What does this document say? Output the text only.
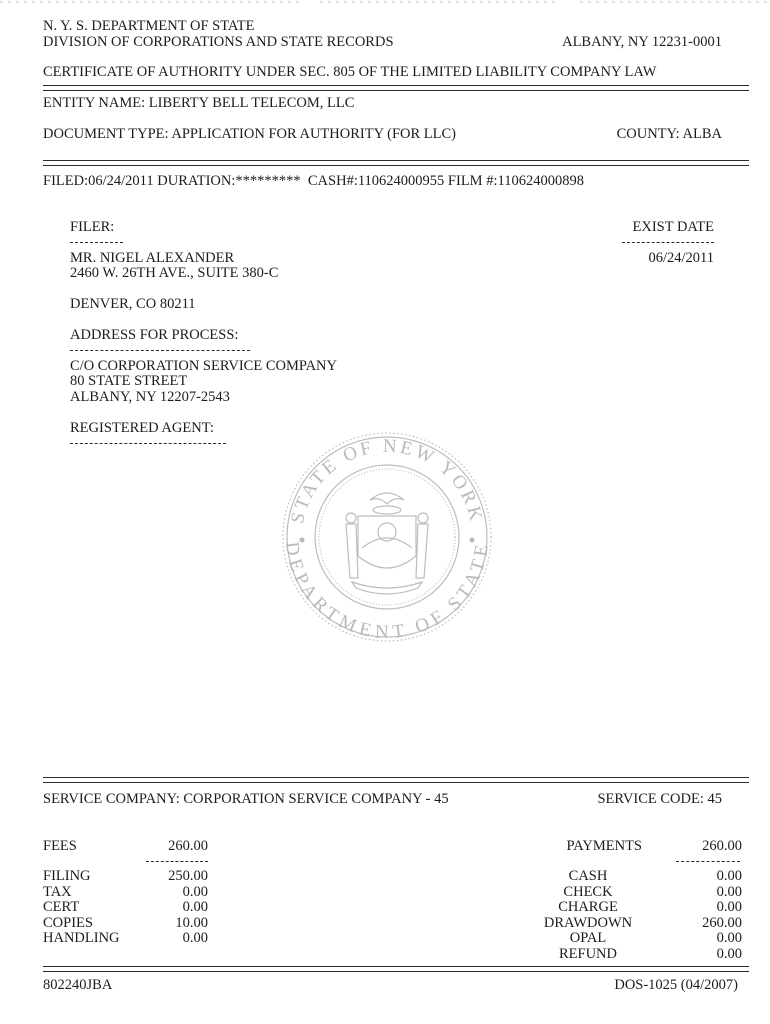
N. Y. S. DEPARTMENT OF STATE
DIVISION OF CORPORATIONS AND STATE RECORDS	ALBANY, NY 12231-0001
CERTIFICATE OF AUTHORITY UNDER SEC. 805 OF THE LIMITED LIABILITY COMPANY LAW
ENTITY NAME: LIBERTY BELL TELECOM, LLC
DOCUMENT TYPE: APPLICATION FOR AUTHORITY (FOR LLC)	COUNTY: ALBA
FILED:06/24/2011 DURATION:*********  CASH#:110624000955 FILM #:110624000898
FILER:
MR. NIGEL ALEXANDER
2460 W. 26TH AVE., SUITE 380-C
DENVER, CO 80211
EXIST DATE
06/24/2011
ADDRESS FOR PROCESS:
C/O CORPORATION SERVICE COMPANY
80 STATE STREET
ALBANY, NY 12207-2543
REGISTERED AGENT:
STATE OF NEW YORK
DEPARTMENT OF STATE
SERVICE COMPANY: CORPORATION SERVICE COMPANY - 45	SERVICE CODE: 45
FEES	260.00
FILING	250.00
TAX	0.00
CERT	0.00
COPIES	10.00
HANDLING	0.00
PAYMENTS	260.00
CASH	0.00
CHECK	0.00
CHARGE	0.00
DRAWDOWN	260.00
OPAL	0.00
REFUND	0.00
802240JBA	DOS-1025 (04/2007)
